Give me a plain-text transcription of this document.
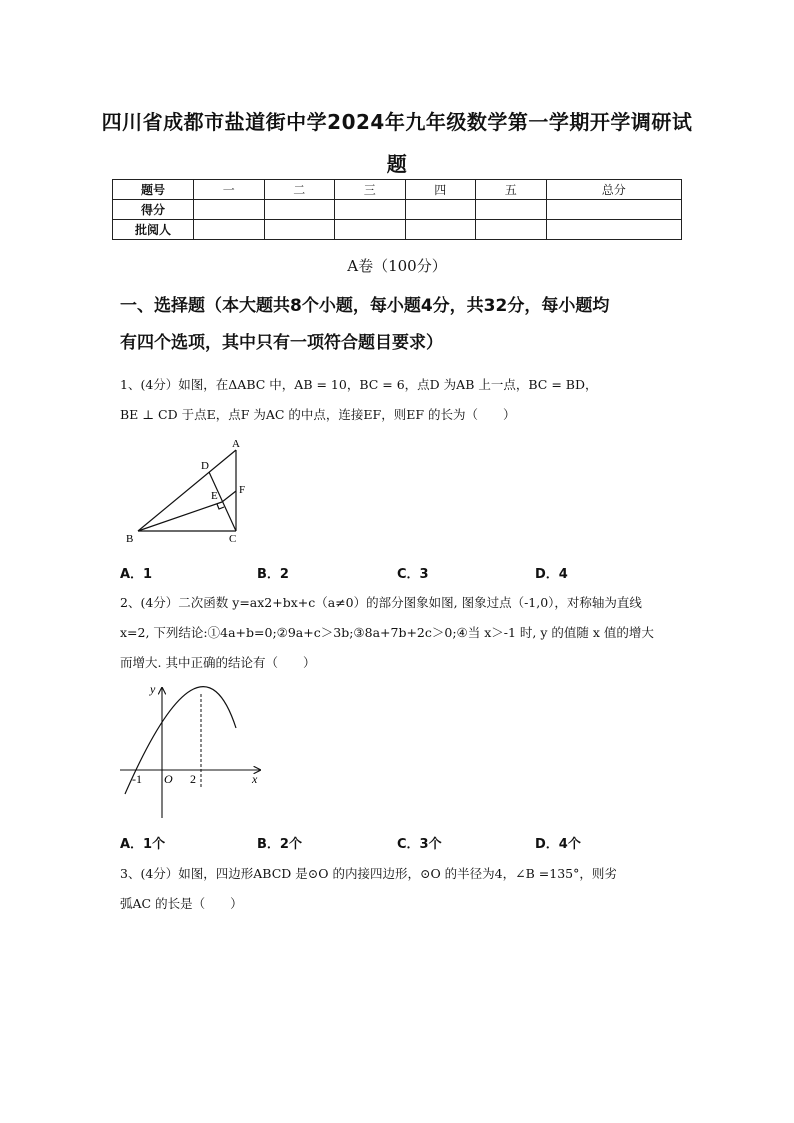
四川省成都市盐道街中学2024年九年级数学第一学期开学调研试
题
题号	一	二	三	四	五	总分
得分						
批阅人						
A卷（100分）
一、选择题（本大题共8个小题，每小题4分，共32分，每小题均
有四个选项，其中只有一项符合题目要求）
1、(4分）如图，在ΔABC 中，AB = 10，BC = 6，点D 为AB 上一点，BC = BD，
BE ⊥ CD 于点E，点F 为AC 的中点，连接EF，则EF 的长为（　　）
A
B	C
D
E F
A．1	B．2	C．3	D．4
2、(4分）二次函数 y=ax2+bx+c（a≠0）的部分图象如图, 图象过点（-1,0），对称轴为直线
x=2, 下列结论:①4a+b=0;②9a+c＞3b;③8a+7b+2c＞0;④当 x＞-1 时, y 的值随 x 值的增大
而增大. 其中正确的结论有（　　）
y
x
-1 O 2
A．1个	B．2个	C．3个	D．4个
3、(4分）如图，四边形ABCD 是⊙O 的内接四边形，⊙O 的半径为4，∠B =135°，则劣
弧AC 的长是（　　）
